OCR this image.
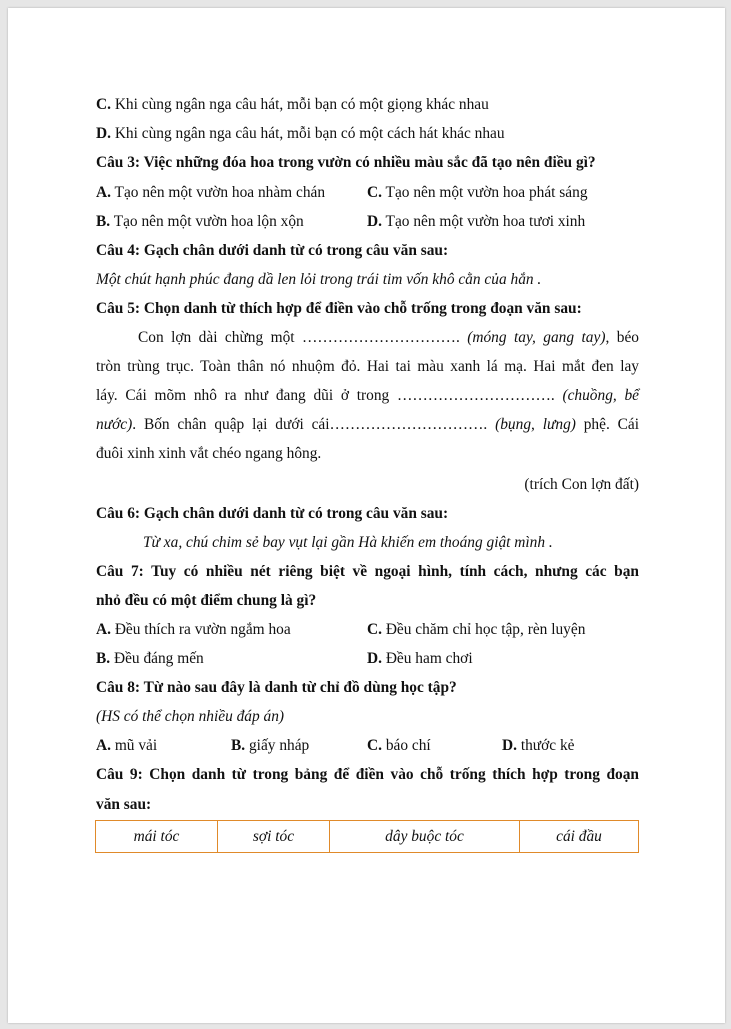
C. Khi cùng ngân nga câu hát, mỗi bạn có một giọng khác nhau
D. Khi cùng ngân nga câu hát, mỗi bạn có một cách hát khác nhau
Câu 3: Việc những đóa hoa trong vườn có nhiều màu sắc đã tạo nên điều gì?
A. Tạo nên một vườn hoa nhàm chán	C. Tạo nên một vườn hoa phát sáng
B. Tạo nên một vườn hoa lộn xộn	D. Tạo nên một vườn hoa tươi xinh
Câu 4: Gạch chân dưới danh từ có trong câu văn sau:
Một chút hạnh phúc đang dầ len lỏi trong trái tim vốn khô cằn của hắn .
Câu 5: Chọn danh từ thích hợp để điền vào chỗ trống trong đoạn văn sau:
Con lợn dài chừng một …………………………. (móng tay, gang tay), béo
tròn trùng trục. Toàn thân nó nhuộm đỏ. Hai tai màu xanh lá mạ. Hai mắt đen lay
láy. Cái mõm nhô ra như đang dũi ở trong …………………………. (chuồng, bể
nước). Bốn chân quập lại dưới cái…………………………. (bụng, lưng) phệ. Cái
đuôi xinh xinh vắt chéo ngang hông.
(trích Con lợn đất)
Câu 6: Gạch chân dưới danh từ có trong câu văn sau:
Từ xa, chú chim sẻ bay vụt lại gần Hà khiến em thoáng giật mình .
Câu 7: Tuy có nhiều nét riêng biệt về ngoại hình, tính cách, nhưng các bạn
nhỏ đều có một điểm chung là gì?
A. Đều thích ra vườn ngắm hoa	C. Đều chăm chỉ học tập, rèn luyện
B. Đều đáng mến	D. Đều ham chơi
Câu 8: Từ nào sau đây là danh từ chỉ đồ dùng học tập?
(HS có thể chọn nhiều đáp án)
A. mũ vải	B. giấy nháp	C. báo chí	D. thước kẻ
Câu 9: Chọn danh từ trong bảng để điền vào chỗ trống thích hợp trong đoạn
văn sau:
mái tóc	sợi tóc	dây buộc tóc	cái đầu
